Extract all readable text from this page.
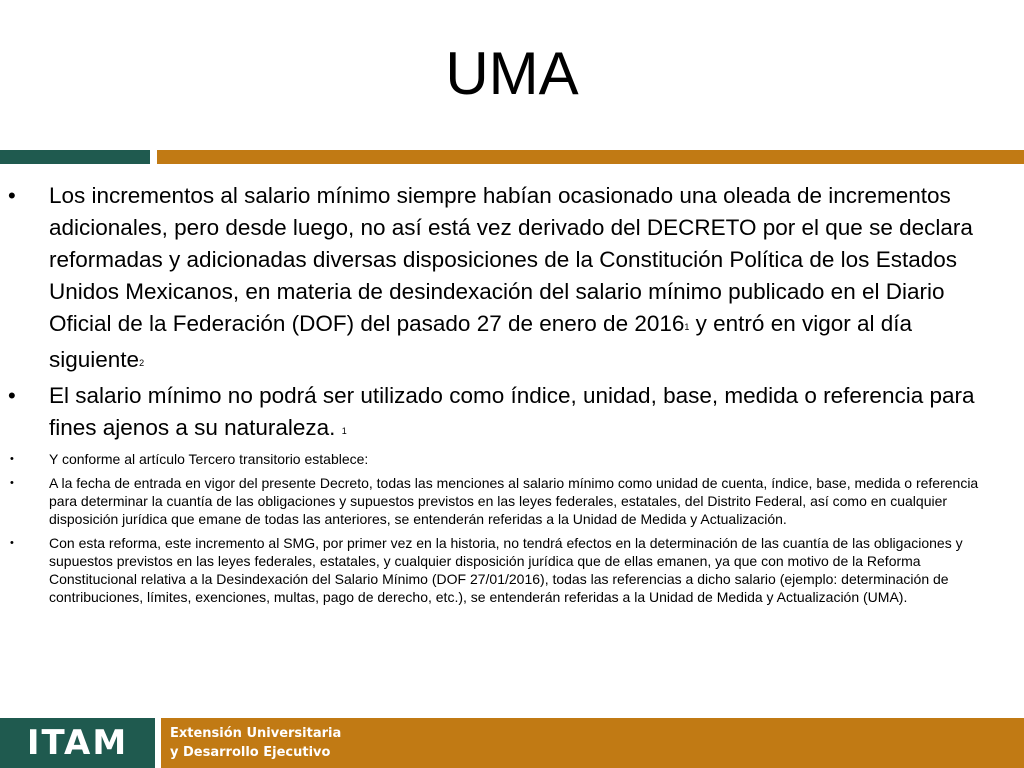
UMA
• Los incrementos al salario mínimo siempre habían ocasionado una oleada de incrementos adicionales, pero desde luego, no así está vez derivado del DECRETO por el que se declara reformadas y adicionadas diversas disposiciones de la Constitución Política de los Estados Unidos Mexicanos, en materia de desindexación del salario mínimo publicado en el Diario Oficial de la Federación (DOF) del pasado 27 de enero de $2016_1$ y entró en vigor al día siguiente$_2$
• El salario mínimo no podrá ser utilizado como índice, unidad, base, medida o referencia para fines ajenos a su naturaleza. $_1$
•	Y conforme al artículo Tercero transitorio establece:
•	A la fecha de entrada en vigor del presente Decreto, todas las menciones al salario mínimo como unidad de cuenta, índice, base, medida o referencia para determinar la cuantía de las obligaciones y supuestos previstos en las leyes federales, estatales, del Distrito Federal, así como en cualquier disposición jurídica que emane de todas las anteriores, se entenderán referidas a la Unidad de Medida y Actualización.
•	Con esta reforma, este incremento al SMG, por primer vez en la historia, no tendrá efectos en la determinación de las cuantía de las obligaciones y supuestos previstos en las leyes federales, estatales, y cualquier disposición jurídica que de ellas emanen, ya que con motivo de la Reforma Constitucional relativa a la Desindexación del Salario Mínimo (DOF 27/01/2016), todas las referencias a dicho salario (ejemplo: determinación de contribuciones, límites, exenciones, multas, pago de derecho, etc.), se entenderán referidas a la Unidad de Medida y Actualización (UMA).
ITAM	Extensión Universitaria
y Desarrollo Ejecutivo
